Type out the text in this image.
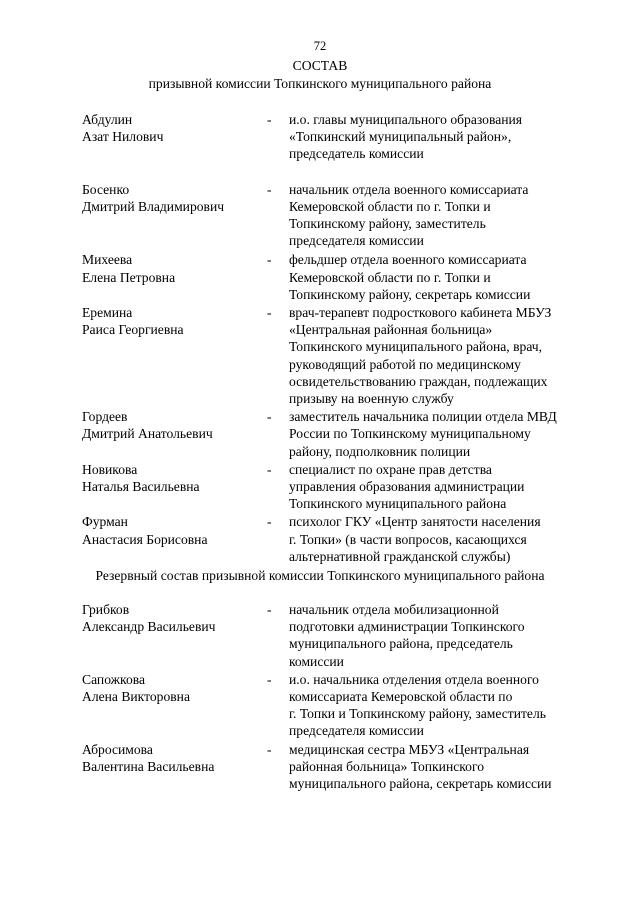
72
СОСТАВ
призывной комиссии Топкинского муниципального района
Абдулин
Азат Нилович
-	и.о. главы муниципального образования
«Топкинский муниципальный район»,
председатель комиссии
Босенко
Дмитрий Владимирович
-	начальник отдела военного комиссариата
Кемеровской области по г. Топки и
Топкинскому району, заместитель
председателя комиссии
Михеева
Елена Петровна
-	фельдшер отдела военного комиссариата
Кемеровской области по г. Топки и
Топкинскому району, секретарь комиссии
Еремина
Раиса Георгиевна
-	врач-терапевт подросткового кабинета МБУЗ
«Центральная районная больница»
Топкинского муниципального района, врач,
руководящий работой по медицинскому
освидетельствованию граждан, подлежащих
призыву на военную службу
Гордеев
Дмитрий Анатольевич
-	заместитель начальника полиции отдела МВД
России по Топкинскому муниципальному
району, подполковник полиции
Новикова
Наталья Васильевна
-	специалист по охране прав детства
управления образования администрации
Топкинского муниципального района
Фурман
Анастасия Борисовна
-	психолог ГКУ «Центр занятости населения
г. Топки» (в части вопросов, касающихся
альтернативной гражданской службы)
Резервный состав призывной комиссии Топкинского муниципального района
Грибков
Александр Васильевич
-	начальник отдела мобилизационной
подготовки администрации Топкинского
муниципального района, председатель
комиссии
Сапожкова
Алена Викторовна
-	и.о. начальника отделения отдела военного
комиссариата Кемеровской области по
г. Топки и Топкинскому району, заместитель
председателя комиссии
Абросимова
Валентина Васильевна
-	медицинская сестра МБУЗ «Центральная
районная больница» Топкинского
муниципального района, секретарь комиссии
